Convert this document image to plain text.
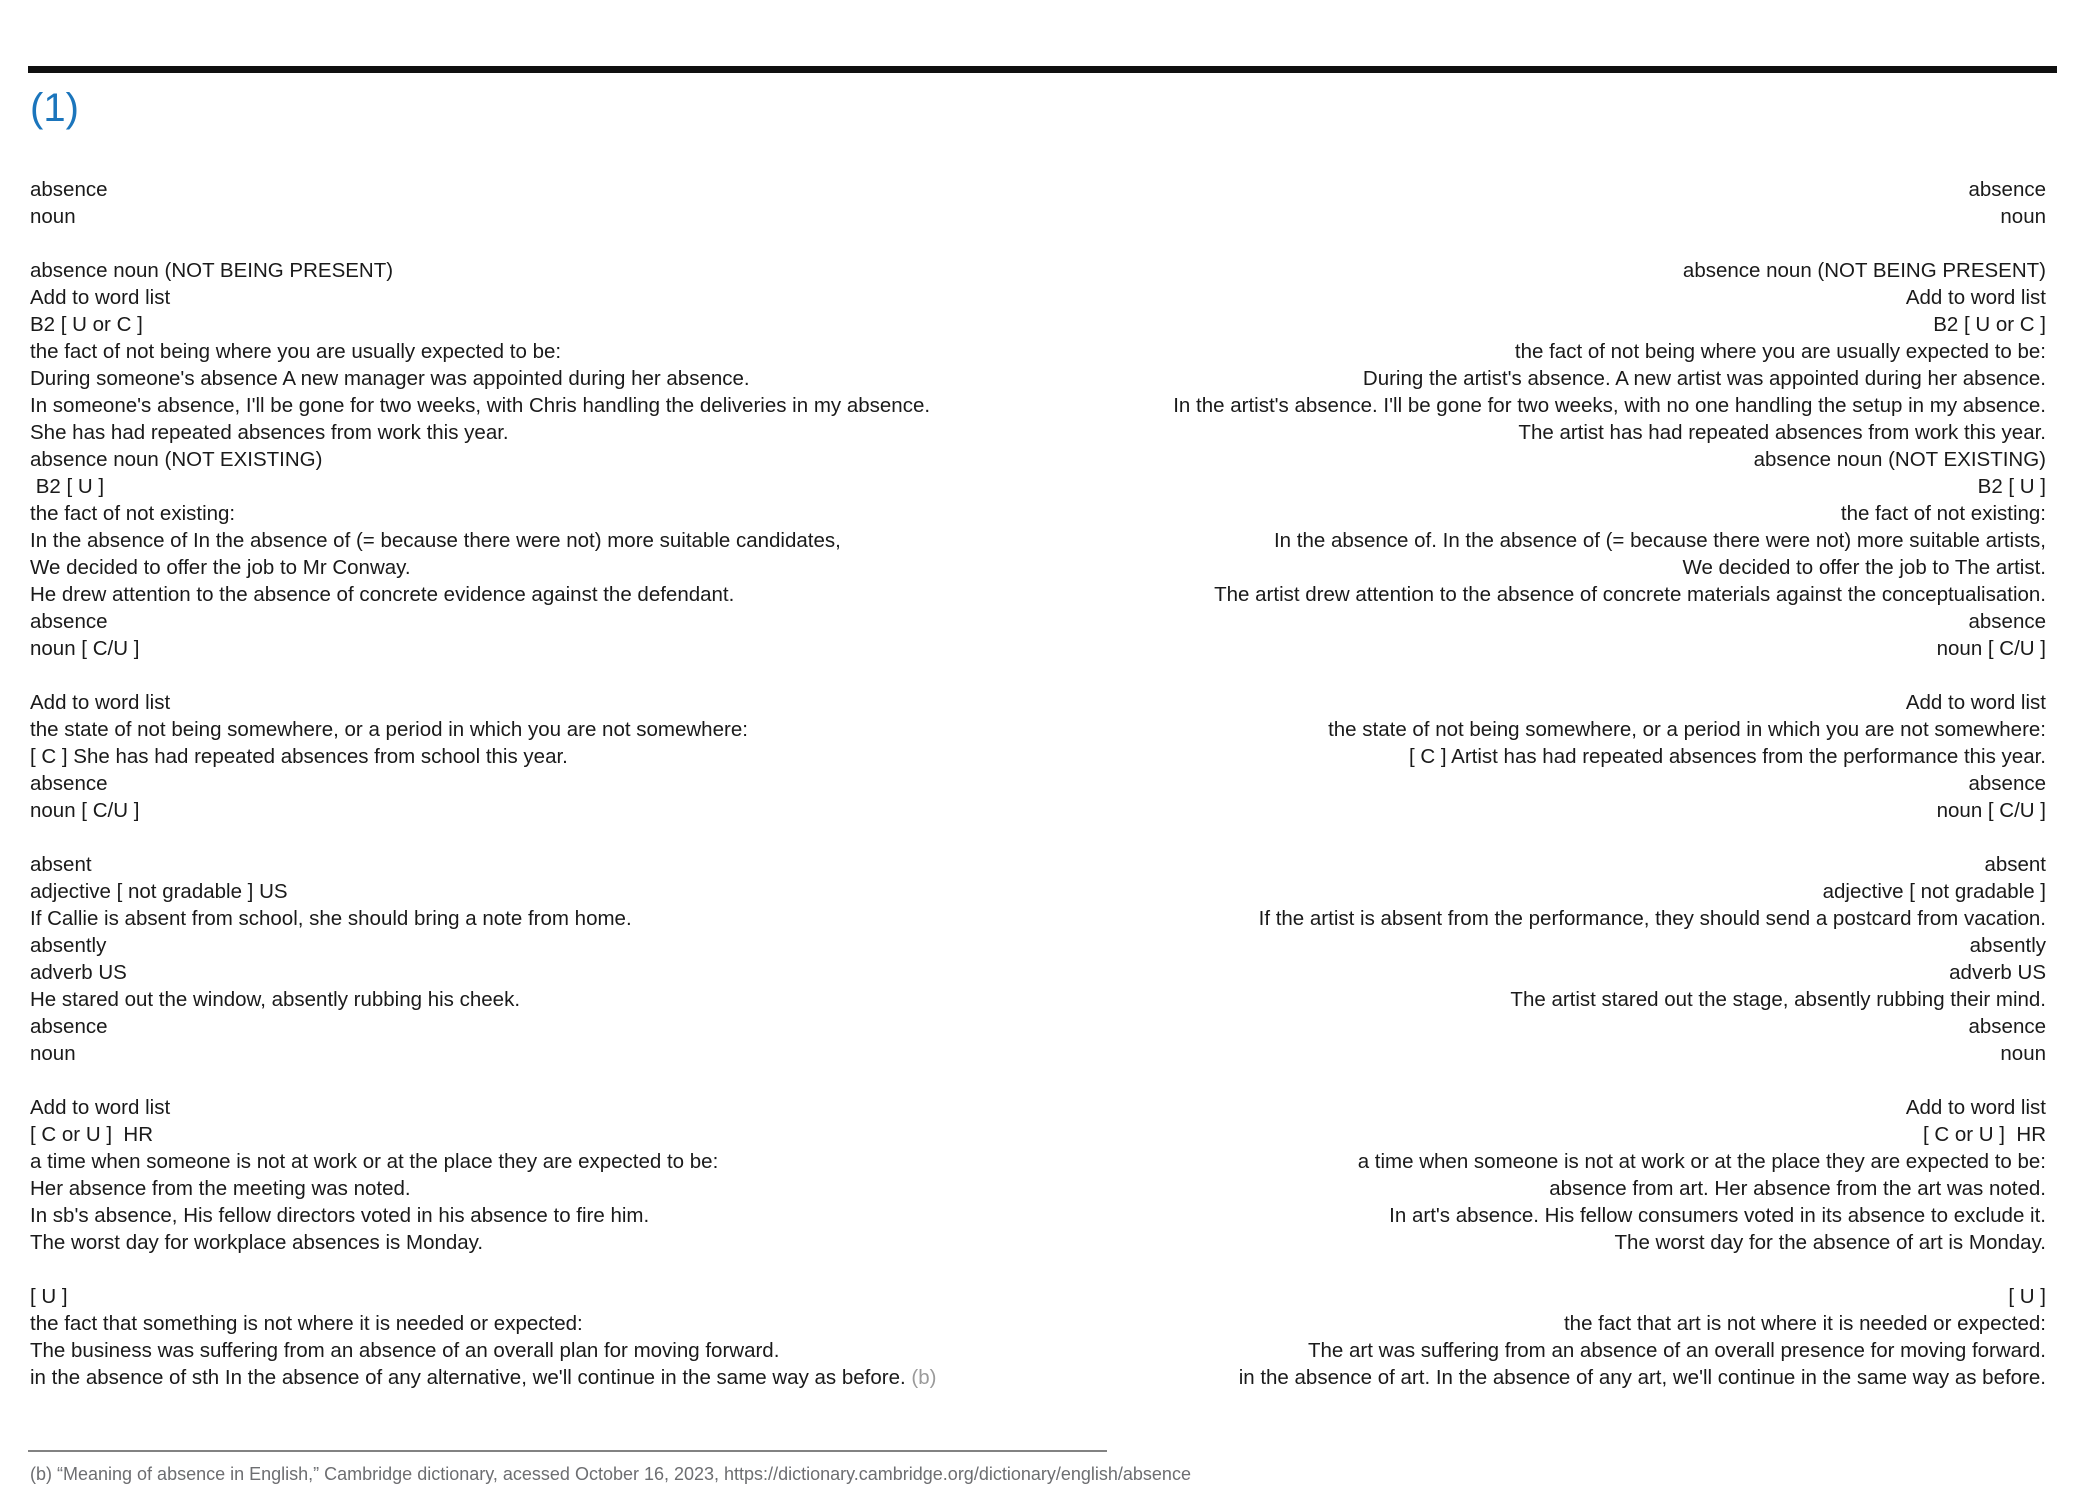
(1)
absence
noun
absence noun (NOT BEING PRESENT)
Add to word list
B2 [ U or C ]
the fact of not being where you are usually expected to be:
During someone's absence A new manager was appointed during her absence.
In someone's absence, I'll be gone for two weeks, with Chris handling the deliveries in my absence.
She has had repeated absences from work this year.
absence noun (NOT EXISTING)
B2 [ U ]
the fact of not existing:
In the absence of In the absence of (= because there were not) more suitable candidates,
We decided to offer the job to Mr Conway.
He drew attention to the absence of concrete evidence against the defendant.
absence
noun [ C/U ]
Add to word list
the state of not being somewhere, or a period in which you are not somewhere:
[ C ] She has had repeated absences from school this year.
absence
noun [ C/U ]
absent
adjective [ not gradable ] US
If Callie is absent from school, she should bring a note from home.
absently
adverb US
He stared out the window, absently rubbing his cheek.
absence
noun
Add to word list
[ C or U ]  HR
a time when someone is not at work or at the place they are expected to be:
Her absence from the meeting was noted.
In sb's absence, His fellow directors voted in his absence to fire him.
The worst day for workplace absences is Monday.
[ U ]
the fact that something is not where it is needed or expected:
The business was suffering from an absence of an overall plan for moving forward.
in the absence of sth In the absence of any alternative, we'll continue in the same way as before. (b)
absence
noun
absence noun (NOT BEING PRESENT)
Add to word list
B2 [ U or C ]
the fact of not being where you are usually expected to be:
During the artist's absence. A new artist was appointed during her absence.
In the artist's absence. I'll be gone for two weeks, with no one handling the setup in my absence.
The artist has had repeated absences from work this year.
absence noun (NOT EXISTING)
B2 [ U ]
the fact of not existing:
In the absence of. In the absence of (= because there were not) more suitable artists,
We decided to offer the job to The artist.
The artist drew attention to the absence of concrete materials against the conceptualisation.
absence
noun [ C/U ]
Add to word list
the state of not being somewhere, or a period in which you are not somewhere:
[ C ] Artist has had repeated absences from the performance this year.
absence
noun [ C/U ]
absent
adjective [ not gradable ]
If the artist is absent from the performance, they should send a postcard from vacation.
absently
adverb US
The artist stared out the stage, absently rubbing their mind.
absence
noun
Add to word list
[ C or U ]  HR
a time when someone is not at work or at the place they are expected to be:
absence from art. Her absence from the art was noted.
In art's absence. His fellow consumers voted in its absence to exclude it.
The worst day for the absence of art is Monday.
[ U ]
the fact that art is not where it is needed or expected:
The art was suffering from an absence of an overall presence for moving forward.
in the absence of art. In the absence of any art, we'll continue in the same way as before.
(b) “Meaning of absence in English,” Cambridge dictionary, acessed October 16, 2023, https://dictionary.cambridge.org/dictionary/english/absence
